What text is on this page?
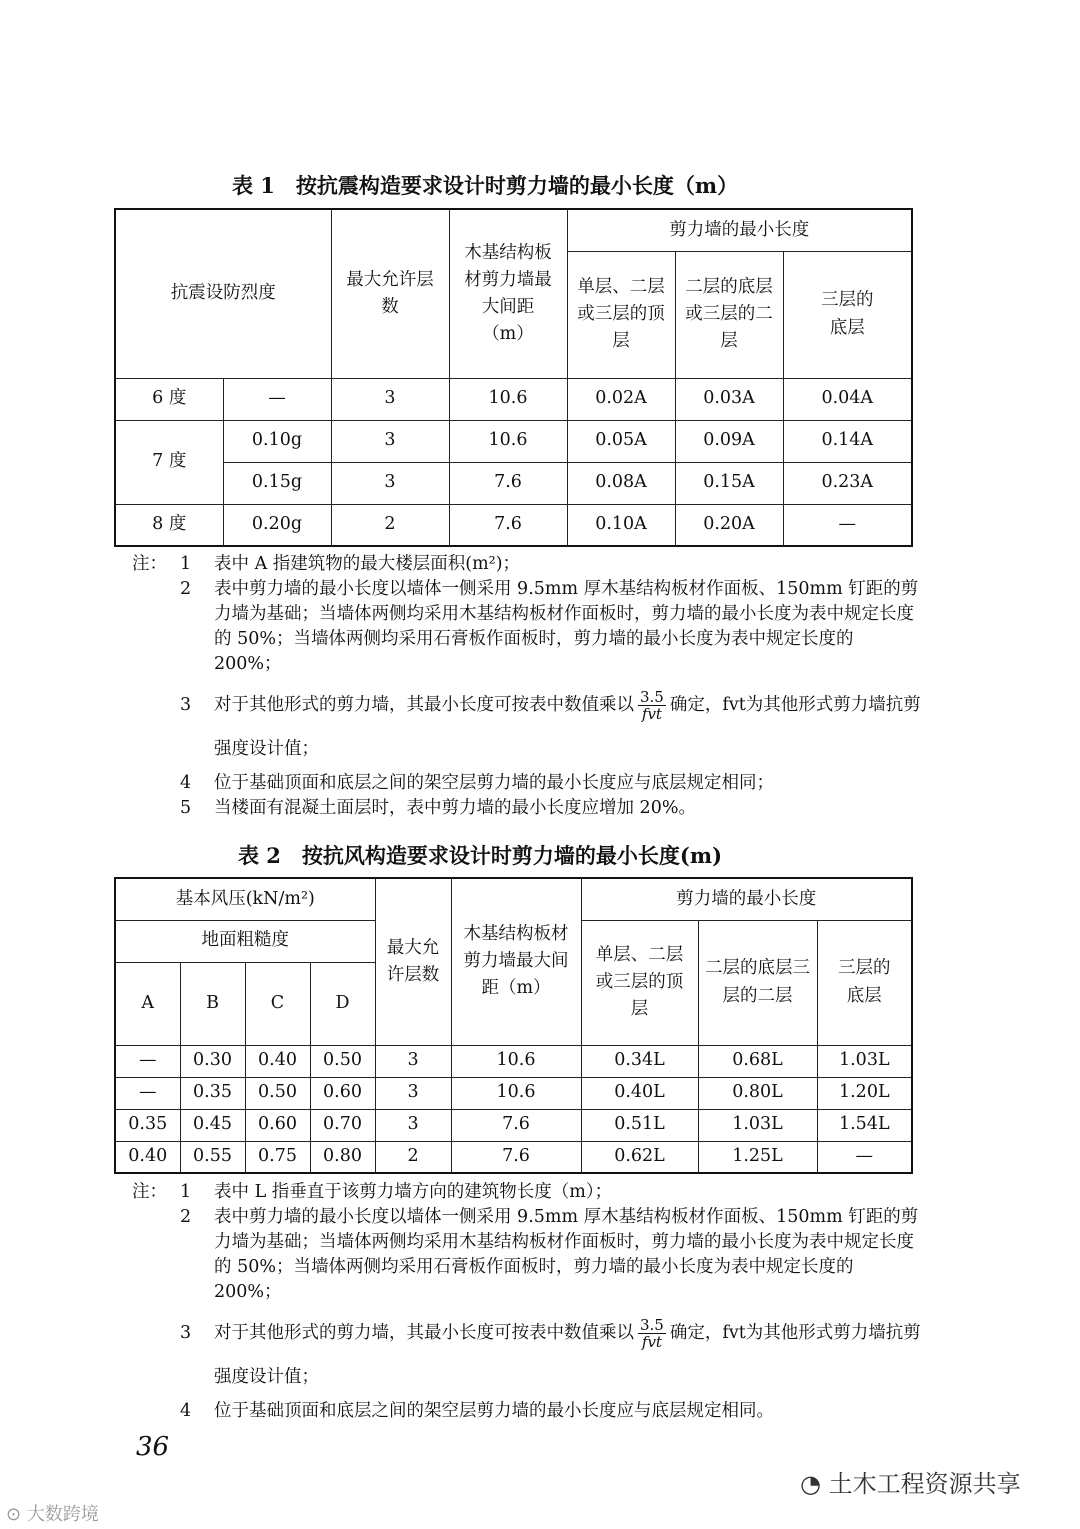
表 1　按抗震构造要求设计时剪力墙的最小长度（m）
抗震设防烈度		最大允许层数	木基结构板材剪力墙最大间距（m）	剪力墙的最小长度		
				单层、二层或三层的顶层	二层的底层或三层的二层	三层的底层
6 度	—	3	10.6	0.02A	0.03A	0.04A
7 度	0.10g	3	10.6	0.05A	0.09A	0.14A
	0.15g	3	7.6	0.08A	0.15A	0.23A
8 度	0.20g	2	7.6	0.10A	0.20A	—
注： 1 表中 A 指建筑物的最大楼层面积(m²)；
2 表中剪力墙的最小长度以墙体一侧采用 9.5mm 厚木基结构板材作面板、150mm 钉距的剪力墙为基础；当墙体两侧均采用木基结构板材作面板时，剪力墙的最小长度为表中规定长度的 50%；当墙体两侧均采用石膏板作面板时，剪力墙的最小长度为表中规定长度的 200%；
3 对于其他形式的剪力墙，其最小长度可按表中数值乘以 $\frac{3.5}{\text{fvt}}$ 确定，fvt为其他形式剪力墙抗剪强度设计值；
4 位于基础顶面和底层之间的架空层剪力墙的最小长度应与底层规定相同；
5 当楼面有混凝土面层时，表中剪力墙的最小长度应增加 20%。
表 2　按抗风构造要求设计时剪力墙的最小长度(m)
基本风压(kN/m²)				最大允许层数	木基结构板材剪力墙最大间距（m）	剪力墙的最小长度		
地面粗糙度						单层、二层或三层的顶层	二层的底层三层的二层	三层的底层
A	B	C	D					
—	0.30	0.40	0.50	3	10.6	0.34L	0.68L	1.03L
—	0.35	0.50	0.60	3	10.6	0.40L	0.80L	1.20L
0.35	0.45	0.60	0.70	3	7.6	0.51L	1.03L	1.54L
0.40	0.55	0.75	0.80	2	7.6	0.62L	1.25L	—
注： 1 表中 L 指垂直于该剪力墙方向的建筑物长度（m）；
2 表中剪力墙的最小长度以墙体一侧采用 9.5mm 厚木基结构板材作面板、150mm 钉距的剪力墙为基础；当墙体两侧均采用木基结构板材作面板时，剪力墙的最小长度为表中规定长度的 50%；当墙体两侧均采用石膏板作面板时，剪力墙的最小长度为表中规定长度的 200%；
3 对于其他形式的剪力墙，其最小长度可按表中数值乘以 $\frac{3.5}{\text{fvt}}$ 确定，fvt为其他形式剪力墙抗剪强度设计值；
4 位于基础顶面和底层之间的架空层剪力墙的最小长度应与底层规定相同。
36
◔ 土木工程资源共享
⊙ 大数跨境
